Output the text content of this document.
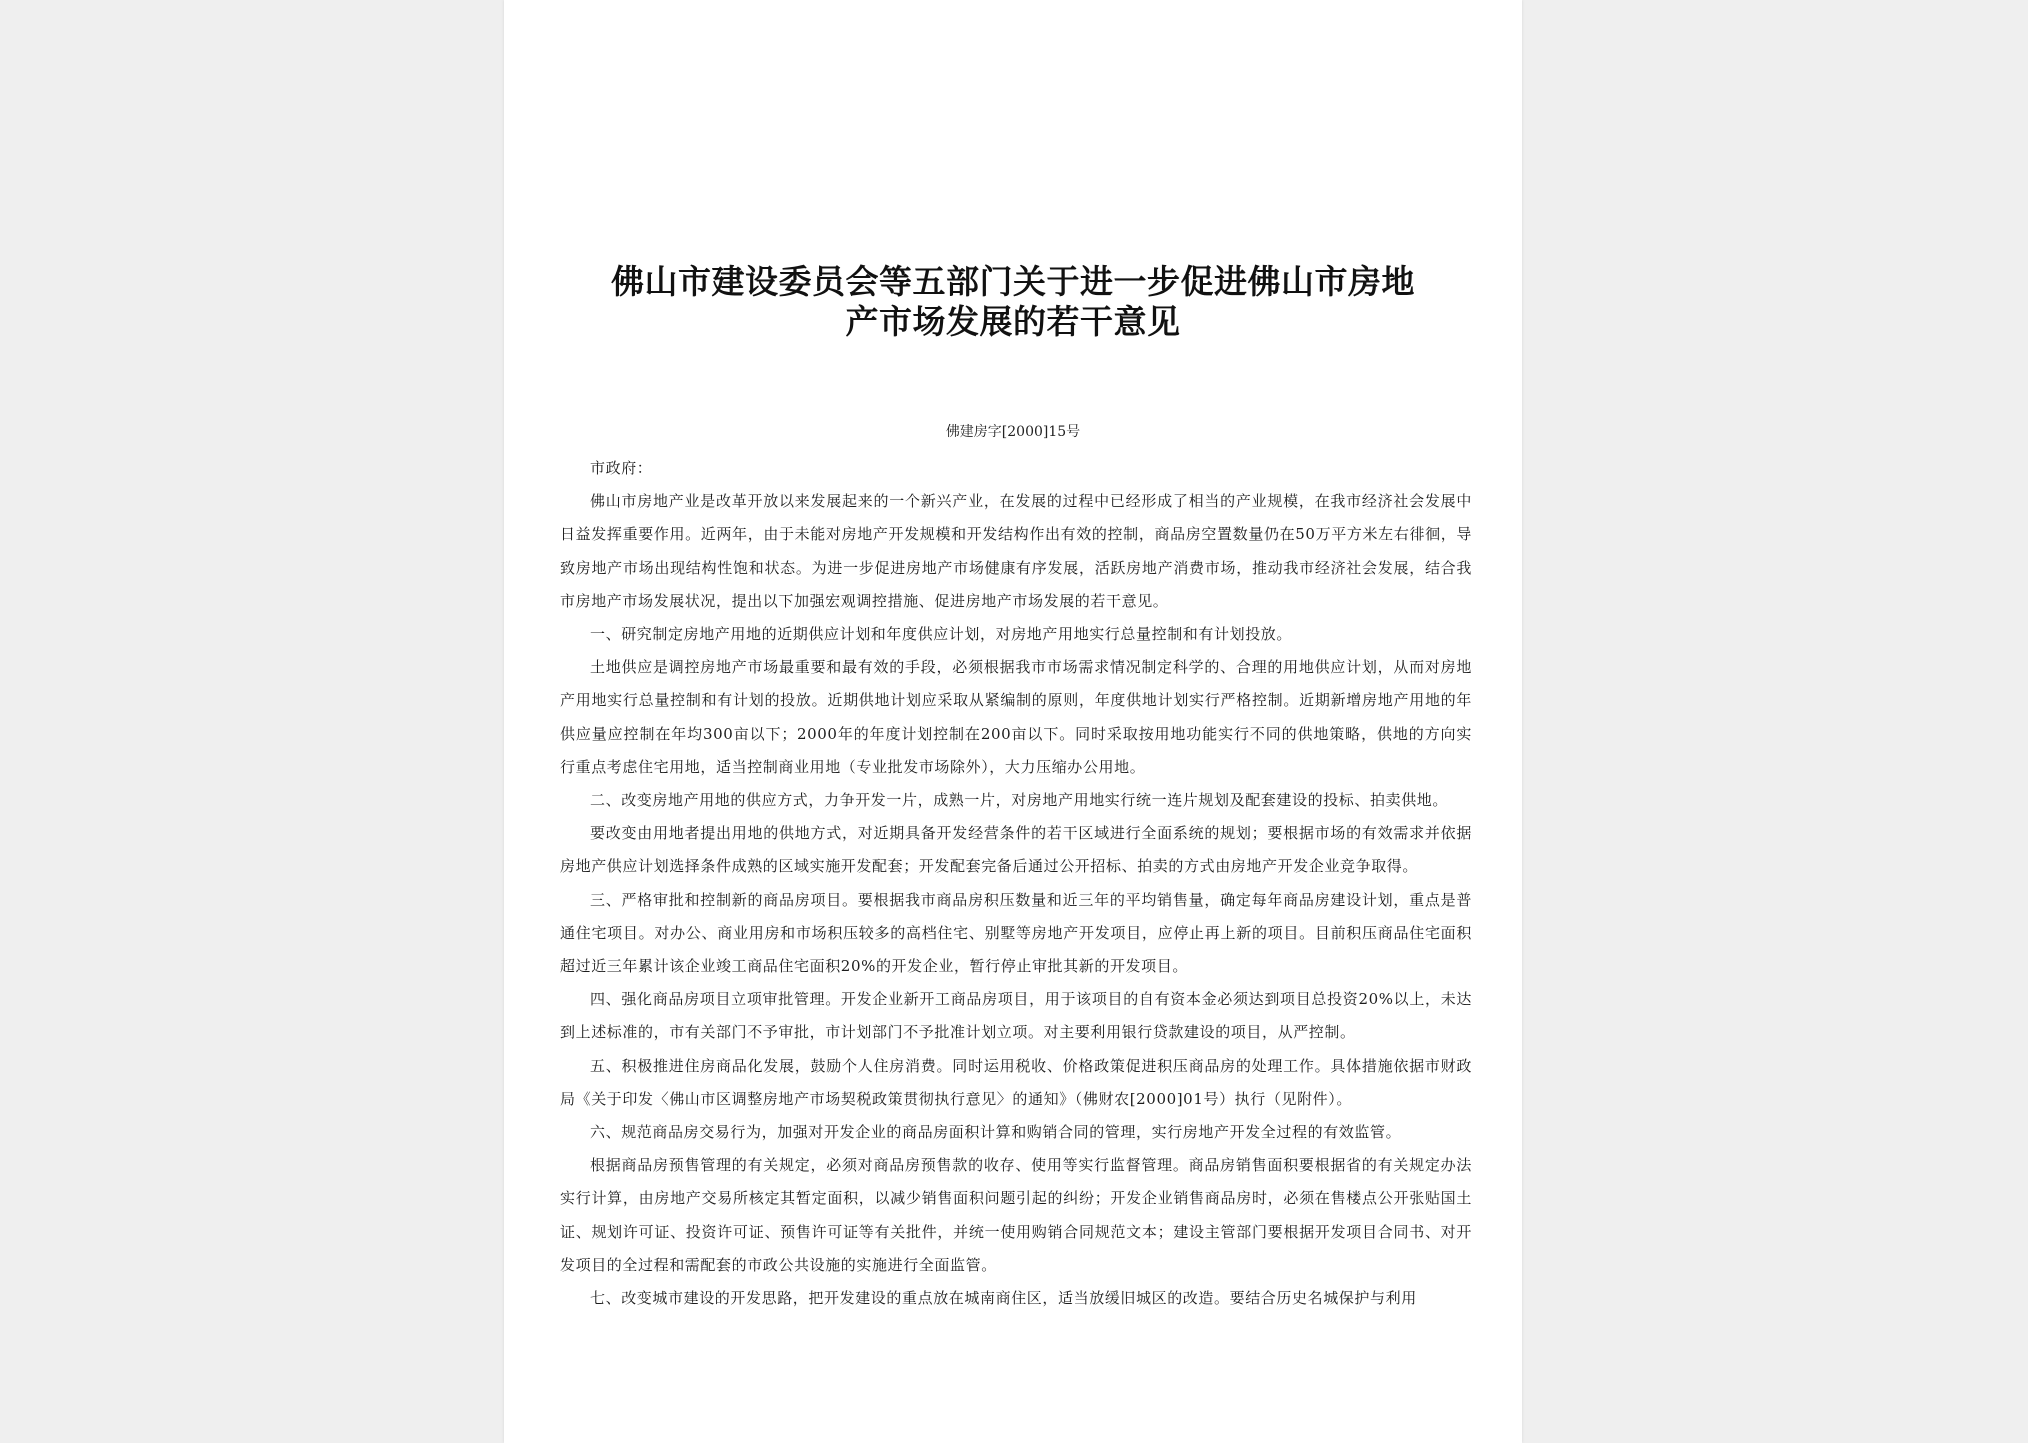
佛山市建设委员会等五部门关于进一步促进佛山市房地产市场发展的若干意见
佛建房字[2000]15号

市政府：

佛山市房地产业是改革开放以来发展起来的一个新兴产业，在发展的过程中已经形成了相当的产业规模，在我市经济社会发展中日益发挥重要作用。近两年，由于未能对房地产开发规模和开发结构作出有效的控制，商品房空置数量仍在50万平方米左右徘徊，导致房地产市场出现结构性饱和状态。为进一步促进房地产市场健康有序发展，活跃房地产消费市场，推动我市经济社会发展，结合我市房地产市场发展状况，提出以下加强宏观调控措施、促进房地产市场发展的若干意见。

一、研究制定房地产用地的近期供应计划和年度供应计划，对房地产用地实行总量控制和有计划投放。

土地供应是调控房地产市场最重要和最有效的手段，必须根据我市市场需求情况制定科学的、合理的用地供应计划，从而对房地产用地实行总量控制和有计划的投放。近期供地计划应采取从紧编制的原则，年度供地计划实行严格控制。近期新增房地产用地的年供应量应控制在年均300亩以下；2000年的年度计划控制在200亩以下。同时采取按用地功能实行不同的供地策略，供地的方向实行重点考虑住宅用地，适当控制商业用地（专业批发市场除外），大力压缩办公用地。

二、改变房地产用地的供应方式，力争开发一片，成熟一片，对房地产用地实行统一连片规划及配套建设的投标、拍卖供地。

要改变由用地者提出用地的供地方式，对近期具备开发经营条件的若干区域进行全面系统的规划；要根据市场的有效需求并依据房地产供应计划选择条件成熟的区域实施开发配套；开发配套完备后通过公开招标、拍卖的方式由房地产开发企业竞争取得。

三、严格审批和控制新的商品房项目。要根据我市商品房积压数量和近三年的平均销售量，确定每年商品房建设计划，重点是普通住宅项目。对办公、商业用房和市场积压较多的高档住宅、别墅等房地产开发项目，应停止再上新的项目。目前积压商品住宅面积超过近三年累计该企业竣工商品住宅面积20%的开发企业，暂行停止审批其新的开发项目。

四、强化商品房项目立项审批管理。开发企业新开工商品房项目，用于该项目的自有资本金必须达到项目总投资20%以上，未达到上述标准的，市有关部门不予审批，市计划部门不予批准计划立项。对主要利用银行贷款建设的项目，从严控制。

五、积极推进住房商品化发展，鼓励个人住房消费。同时运用税收、价格政策促进积压商品房的处理工作。具体措施依据市财政局《关于印发〈佛山市区调整房地产市场契税政策贯彻执行意见〉的通知》（佛财农[2000]01号）执行（见附件）。

六、规范商品房交易行为，加强对开发企业的商品房面积计算和购销合同的管理，实行房地产开发全过程的有效监管。

根据商品房预售管理的有关规定，必须对商品房预售款的收存、使用等实行监督管理。商品房销售面积要根据省的有关规定办法实行计算，由房地产交易所核定其暂定面积，以减少销售面积问题引起的纠纷；开发企业销售商品房时，必须在售楼点公开张贴国土证、规划许可证、投资许可证、预售许可证等有关批件，并统一使用购销合同规范文本；建设主管部门要根据开发项目合同书、对开发项目的全过程和需配套的市政公共设施的实施进行全面监管。

七、改变城市建设的开发思路，把开发建设的重点放在城南商住区，适当放缓旧城区的改造。要结合历史名城保护与利用
